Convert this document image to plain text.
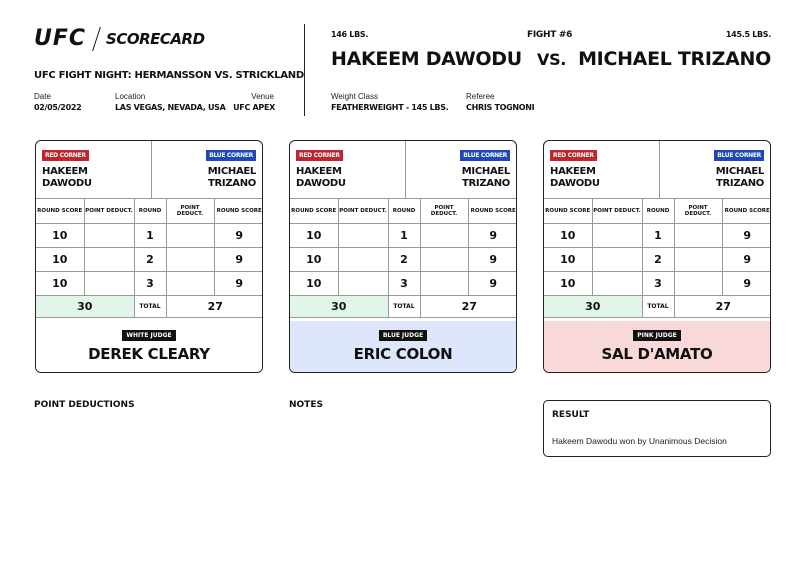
UFC SCORECARD
UFC FIGHT NIGHT: HERMANSSON VS. STRICKLAND
Date
02/05/2022
Location
LAS VEGAS, NEVADA, USA
Venue
UFC APEX
146 LBS.
HAKEEM DAWODU
FIGHT #6
VS.
145.5 LBS.
MICHAEL TRIZANO
Weight Class
FEATHERWEIGHT - 145 LBS.
Referee
CHRIS TOGNONI
RED CORNER	BLUE CORNER
HAKEEM
DAWODU
MICHAEL
TRIZANO
ROUND SCORE	POINT DEDUCT.	ROUND	POINT DEDUCT.	ROUND SCORE
10		1		9
10		2		9
10		3		9
30		TOTAL	27	
WHITE JUDGE
DEREK CLEARY
RED CORNER	BLUE CORNER
HAKEEM
DAWODU
MICHAEL
TRIZANO
ROUND SCORE	POINT DEDUCT.	ROUND	POINT DEDUCT.	ROUND SCORE
10		1		9
10		2		9
10		3		9
30		TOTAL	27	
BLUE JUDGE
ERIC COLON
RED CORNER	BLUE CORNER
HAKEEM
DAWODU
MICHAEL
TRIZANO
ROUND SCORE	POINT DEDUCT.	ROUND	POINT DEDUCT.	ROUND SCORE
10		1		9
10		2		9
10		3		9
30		TOTAL	27	
PINK JUDGE
SAL D'AMATO
POINT DEDUCTIONS	NOTES
RESULT
Hakeem Dawodu won by Unanimous Decision
